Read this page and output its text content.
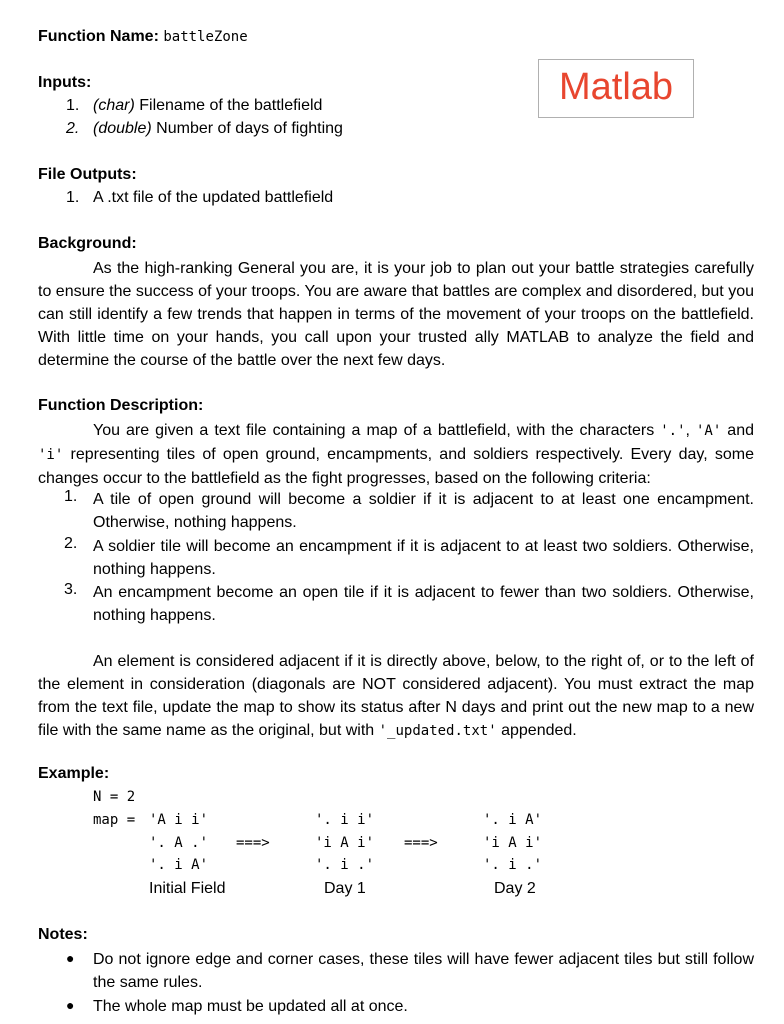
Function Name: battleZone
Matlab
Inputs:
1. (char) Filename of the battlefield
2. (double) Number of days of fighting
File Outputs:
1. A .txt file of the updated battlefield
Background:
As the high-ranking General you are, it is your job to plan out your battle strategies carefully to ensure the success of your troops. You are aware that battles are complex and disordered, but you can still identify a few trends that happen in terms of the movement of your troops on the battlefield. With little time on your hands, you call upon your trusted ally MATLAB to analyze the field and determine the course of the battle over the next few days.
Function Description:
You are given a text file containing a map of a battlefield, with the characters '.', 'A' and 'i' representing tiles of open ground, encampments, and soldiers respectively. Every day, some changes occur to the battlefield as the fight progresses, based on the following criteria:
1. A tile of open ground will become a soldier if it is adjacent to at least one encampment. Otherwise, nothing happens.
2. A soldier tile will become an encampment if it is adjacent to at least two soldiers. Otherwise, nothing happens.
3. An encampment become an open tile if it is adjacent to fewer than two soldiers. Otherwise, nothing happens.
An element is considered adjacent if it is directly above, below, to the right of, or to the left of the element in consideration (diagonals are NOT considered adjacent). You must extract the map from the text file, update the map to show its status after N days and print out the new map to a new file with the same name as the original, but with '_updated.txt' appended.
Example:
N = 2
map = 'A i i'
'. A .'
'. i A'
===>
'. i i'
'i A i'
'. i .'
===>
'. i A'
'i A i'
'. i .'
Initial Field	Day 1	Day 2
Notes:
● Do not ignore edge and corner cases, these tiles will have fewer adjacent tiles but still follow the same rules.
● The whole map must be updated all at once.
